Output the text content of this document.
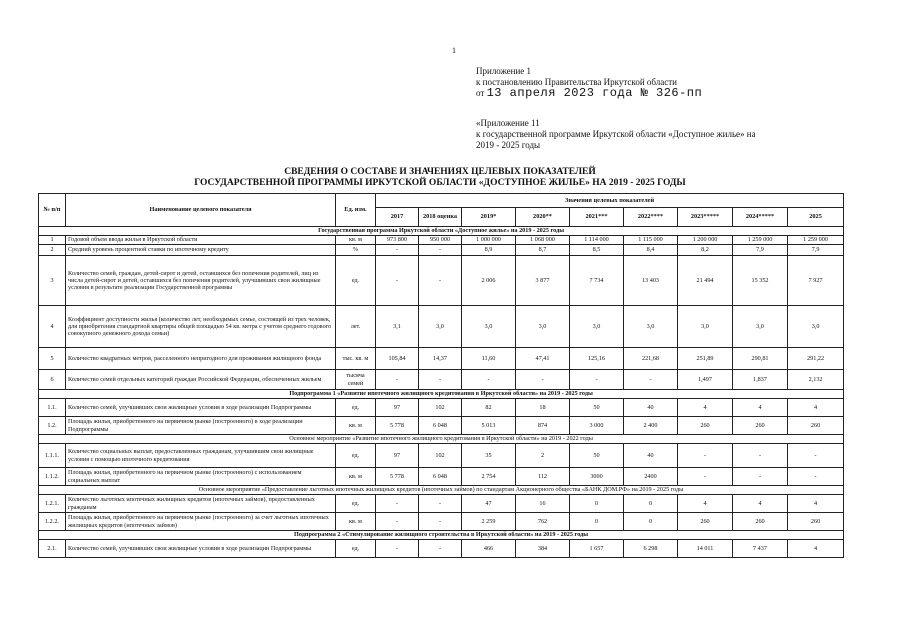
1
Приложение 1
к постановлению Правительства Иркутской области
от 13 апреля 2023 года № 326-пп
«Приложение 11
к государственной программе Иркутской области «Доступное жилье» на
2019 - 2025 годы
СВЕДЕНИЯ О СОСТАВЕ И ЗНАЧЕНИЯХ ЦЕЛЕВЫХ ПОКАЗАТЕЛЕЙ
ГОСУДАРСТВЕННОЙ ПРОГРАММЫ ИРКУТСКОЙ ОБЛАСТИ «ДОСТУПНОЕ ЖИЛЬЕ» НА 2019 - 2025 ГОДЫ
№ п/п	Наименование целевого показателя	Ед. изм.	Значения целевых показателей								
			2017	2018 оценка	2019*	2020**	2021***	2022****	2023*****	2024*****	2025
Государственная программа Иркутской области «Доступное жилье» на 2019 - 2025 годы											
1	Годовой объем ввода жилья в Иркутской области	кв. м	973 800	950 000	1 000 000	1 068 000	1 114 000	1 115 000	1 200 000	1 259 000	1 259 000
2	Средний уровень процентной ставки по ипотечному кредиту	%	-	-	8,9	8,7	8,5	8,4	8,2	7,9	7,9
3	Количество семей, граждан, детей-сирот и детей, оставшихся без попечения родителей, лиц из числа детей-сирот и детей, оставшихся без попечения родителей, улучшивших свои жилищные условия в результате реализации Государственной программы	ед.	-	-	2 006	3 877	7 734	13 403	21 494	15 352	7 927
4	Коэффициент доступности жилья (количество лет, необходимых семье, состоящей из трех человек, для приобретения стандартной квартиры общей площадью 54 кв. метра с учетом среднего годового совокупного денежного дохода семьи)	лет.	3,1	3,0	3,0	3,0	3,0	3,0	3,0	3,0	3,0
5	Количество квадратных метров, расселенного непригодного для проживания жилищного фонда	тыс. кв. м	105,84	14,37	11,60	47,41	125,16	221,68	251,89	290,81	291,22
6	Количество семей отдельных категорий граждан Российской Федерации, обеспеченных жильем	тысяча семей	-	-	-	-	-	-	1,497	1,837	2,132
Подпрограмма 1 «Развитие ипотечного жилищного кредитования в Иркутской области» на 2019 - 2025 годы											
1.1.	Количество семей, улучшивших свои жилищные условия в ходе реализации Подпрограммы	ед.	97	102	82	18	50	40	4	4	4
1.2.	Площадь жилья, приобретенного на первичном рынке (построенного) в ходе реализации Подпрограммы	кв. м	5 778	6 048	5 013	874	3 000	2 400	260	260	260
Основное мероприятие «Развитие ипотечного жилищного кредитования в Иркутской области» на 2019 - 2022 годы											
1.1.1.	Количество социальных выплат, предоставленных гражданам, улучшившим свои жилищные условия с помощью ипотечного кредитования	ед.	97	102	35	2	50	40	-	-	-
1.1.2.	Площадь жилья, приобретенного на первичном рынке (построенного) с использованием социальных выплат	кв. м	5 778	6 048	2 754	112	3000	2400	-	-	-
Основное мероприятие «Предоставление льготных ипотечных жилищных кредитов (ипотечных займов) по стандартам Акционерного общества «БАНК ДОМ.РФ» на 2019 - 2025 годы											
1.2.1.	Количество льготных ипотечных жилищных кредитов (ипотечных займов), предоставленных гражданам	ед.	-	-	47	16	0	0	4	4	4
1.2.2.	Площадь жилья, приобретенного на первичном рынке (построенного) за счет льготных ипотечных жилищных кредитов (ипотечных займов)	кв. м	-	-	2 259	762	0	0	260	260	260
Подпрограмма 2 «Стимулирование жилищного строительства в Иркутской области» на 2019 - 2025 годы											
2.1.	Количество семей, улучшивших свои жилищные условия в ходе реализации Подпрограммы	ед.	-	-	466	384	1 657	6 298	14 011	7 437	4
